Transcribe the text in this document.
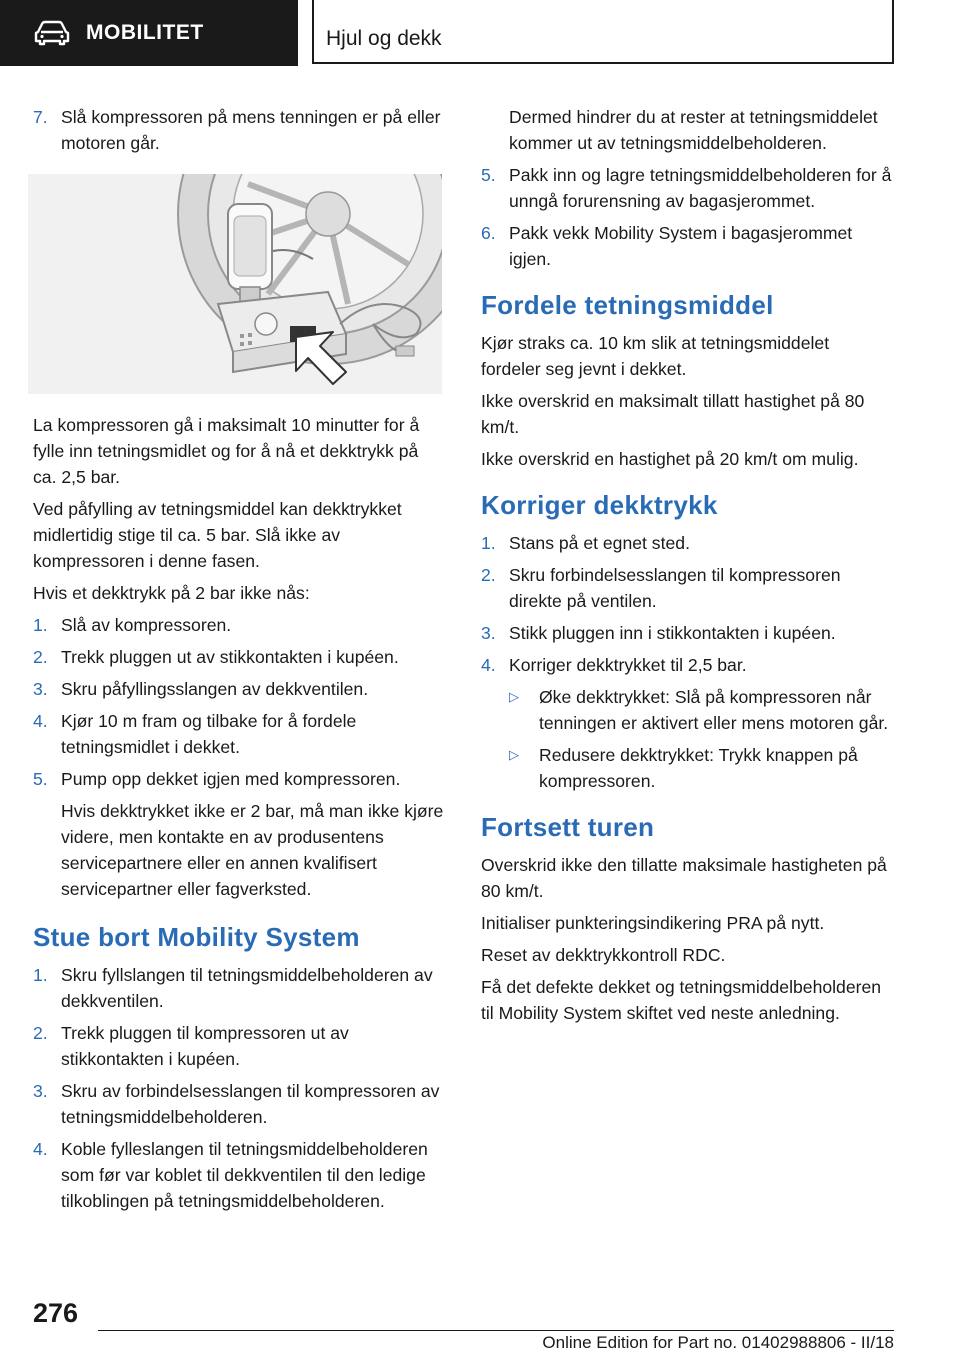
MOBILITET	Hjul og dekk
7. Slå kompressoren på mens tenningen er på eller motoren går.

La kompressoren gå i maksimalt 10 minutter for å fylle inn tetningsmidlet og for å nå et dekktrykk på ca. 2,5 bar.

Ved påfylling av tetningsmiddel kan dekktrykket midlertidig stige til ca. 5 bar. Slå ikke av kompressoren i denne fasen.

Hvis et dekktrykk på 2 bar ikke nås:

1. Slå av kompressoren.
2. Trekk pluggen ut av stikkontakten i kupéen.
3. Skru påfyllingsslangen av dekkventilen.
4. Kjør 10 m fram og tilbake for å fordele tetningsmidlet i dekket.
5. Pump opp dekket igjen med kompressoren.
Hvis dekktrykket ikke er 2 bar, må man ikke kjøre videre, men kontakte en av produsentens servicepartnere eller en annen kvalifisert servicepartner eller fagverksted.
Stue bort Mobility System
1. Skru fyllslangen til tetningsmiddelbeholderen av dekkventilen.
2. Trekk pluggen til kompressoren ut av stikkontakten i kupéen.
3. Skru av forbindelsesslangen til kompressoren av tetningsmiddelbeholderen.
4. Koble fylleslangen til tetningsmiddelbeholderen som før var koblet til dekkventilen til den ledige tilkoblingen på tetningsmiddelbeholderen.
Dermed hindrer du at rester at tetningsmiddelet kommer ut av tetningsmiddelbeholderen.
5. Pakk inn og lagre tetningsmiddelbeholderen for å unngå forurensning av bagasjerommet.
6. Pakk vekk Mobility System i bagasjerommet igjen.
Fordele tetningsmiddel

Kjør straks ca. 10 km slik at tetningsmiddelet fordeler seg jevnt i dekket.

Ikke overskrid en maksimalt tillatt hastighet på 80 km/t.

Ikke overskrid en hastighet på 20 km/t om mulig.

Korriger dekktrykk
1. Stans på et egnet sted.
2. Skru forbindelsesslangen til kompressoren direkte på ventilen.
3. Stikk pluggen inn i stikkontakten i kupéen.
4. Korriger dekktrykket til 2,5 bar.
▷	Øke dekktrykket: Slå på kompressoren når tenningen er aktivert eller mens motoren går.
▷	Redusere dekktrykket: Trykk knappen på kompressoren.
Fortsett turen

Overskrid ikke den tillatte maksimale hastigheten på 80 km/t.

Initialiser punkteringsindikering PRA på nytt.

Reset av dekktrykkontroll RDC.

Få det defekte dekket og tetningsmiddelbeholderen til Mobility System skiftet ved neste anledning.

276
Online Edition for Part no. 01402988806 - II/18
